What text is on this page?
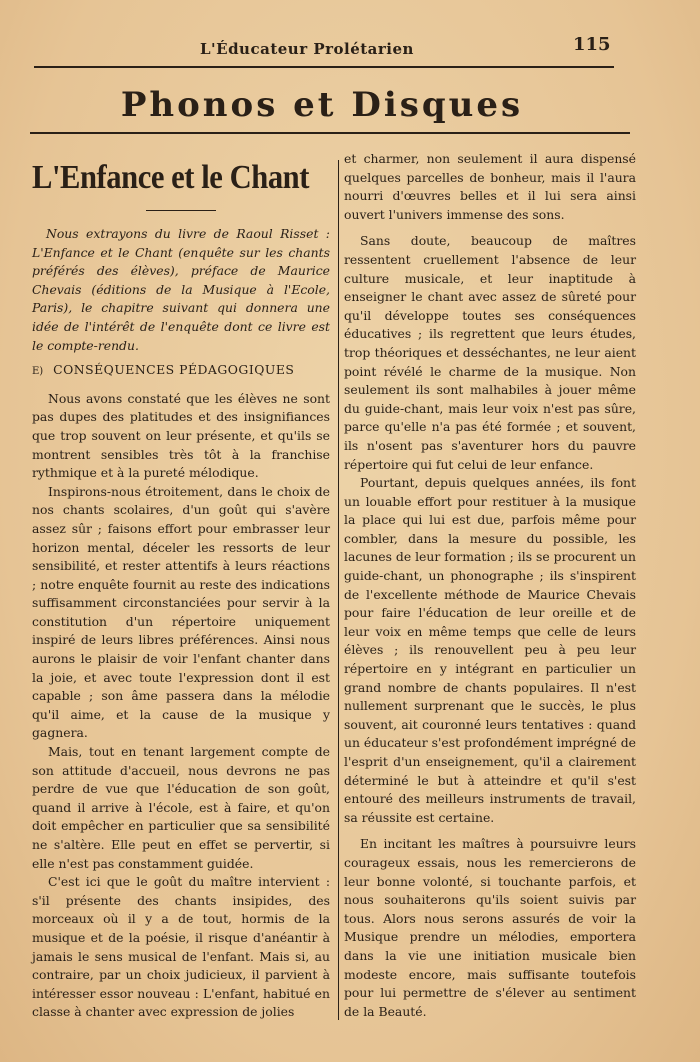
L'Éducateur Prolétarien	115
Phonos et Disques
L'Enfance et le Chant

Nous extrayons du livre de Raoul Risset : L'Enfance et le Chant (enquête sur les chants préférés des élèves), préface de Maurice Chevais (éditions de la Musique à l'Ecole, Paris), le chapitre suivant qui donnera une idée de l'intérêt de l'enquête dont ce livre est le compte-rendu.

E) CONSÉQUENCES PÉDAGOGIQUES

Nous avons constaté que les élèves ne sont pas dupes des platitudes et des insignifiances que trop souvent on leur présente, et qu'ils se montrent sensibles très tôt à la franchise rythmique et à la pureté mélodique.

Inspirons-nous étroitement, dans le choix de nos chants scolaires, d'un goût qui s'avère assez sûr ; faisons effort pour embrasser leur horizon mental, déceler les ressorts de leur sensibilité, et rester attentifs à leurs réactions ; notre enquête fournit au reste des indications suffisamment circonstanciées pour servir à la constitution d'un répertoire uniquement inspiré de leurs libres préférences. Ainsi nous aurons le plaisir de voir l'enfant chanter dans la joie, et avec toute l'expression dont il est capable ; son âme passera dans la mélodie qu'il aime, et la cause de la musique y gagnera.

Mais, tout en tenant largement compte de son attitude d'accueil, nous devrons ne pas perdre de vue que l'éducation de son goût, quand il arrive à l'école, est à faire, et qu'on doit empêcher en particulier que sa sensibilité ne s'altère. Elle peut en effet se pervertir, si elle n'est pas constamment guidée.

C'est ici que le goût du maître intervient : s'il présente des chants insipides, des morceaux où il y a de tout, hormis de la musique et de la poésie, il risque d'anéantir à jamais le sens musical de l'enfant. Mais si, au contraire, par un choix judicieux, il parvient à intéresser essor nouveau : L'enfant, habitué en classe à chanter avec expression de jolies

et charmer, non seulement il aura dispensé quelques parcelles de bonheur, mais il l'aura nourri d'œuvres belles et il lui sera ainsi ouvert l'univers immense des sons.

Sans doute, beaucoup de maîtres ressentent cruellement l'absence de leur culture musicale, et leur inaptitude à enseigner le chant avec assez de sûreté pour qu'il développe toutes ses conséquences éducatives ; ils regrettent que leurs études, trop théoriques et desséchantes, ne leur aient point révélé le charme de la musique. Non seulement ils sont malhabiles à jouer même du guide-chant, mais leur voix n'est pas sûre, parce qu'elle n'a pas été formée ; et souvent, ils n'osent pas s'aventurer hors du pauvre répertoire qui fut celui de leur enfance.

Pourtant, depuis quelques années, ils font un louable effort pour restituer à la musique la place qui lui est due, parfois même pour combler, dans la mesure du possible, les lacunes de leur formation ; ils se procurent un guide-chant, un phonographe ; ils s'inspirent de l'excellente méthode de Maurice Chevais pour faire l'éducation de leur oreille et de leur voix en même temps que celle de leurs élèves ; ils renouvellent peu à peu leur répertoire en y intégrant en particulier un grand nombre de chants populaires. Il n'est nullement surprenant que le succès, le plus souvent, ait couronné leurs tentatives : quand un éducateur s'est profondément imprégné de l'esprit d'un enseignement, qu'il a clairement déterminé le but à atteindre et qu'il s'est entouré des meilleurs instruments de travail, sa réussite est certaine.

En incitant les maîtres à poursuivre leurs courageux essais, nous les remercierons de leur bonne volonté, si touchante parfois, et nous souhaiterons qu'ils soient suivis par tous. Alors nous serons assurés de voir la Musique prendre un mélodies, emportera dans la vie une initiation musicale bien modeste encore, mais suffisante toutefois pour lui permettre de s'élever au sentiment de la Beauté.
